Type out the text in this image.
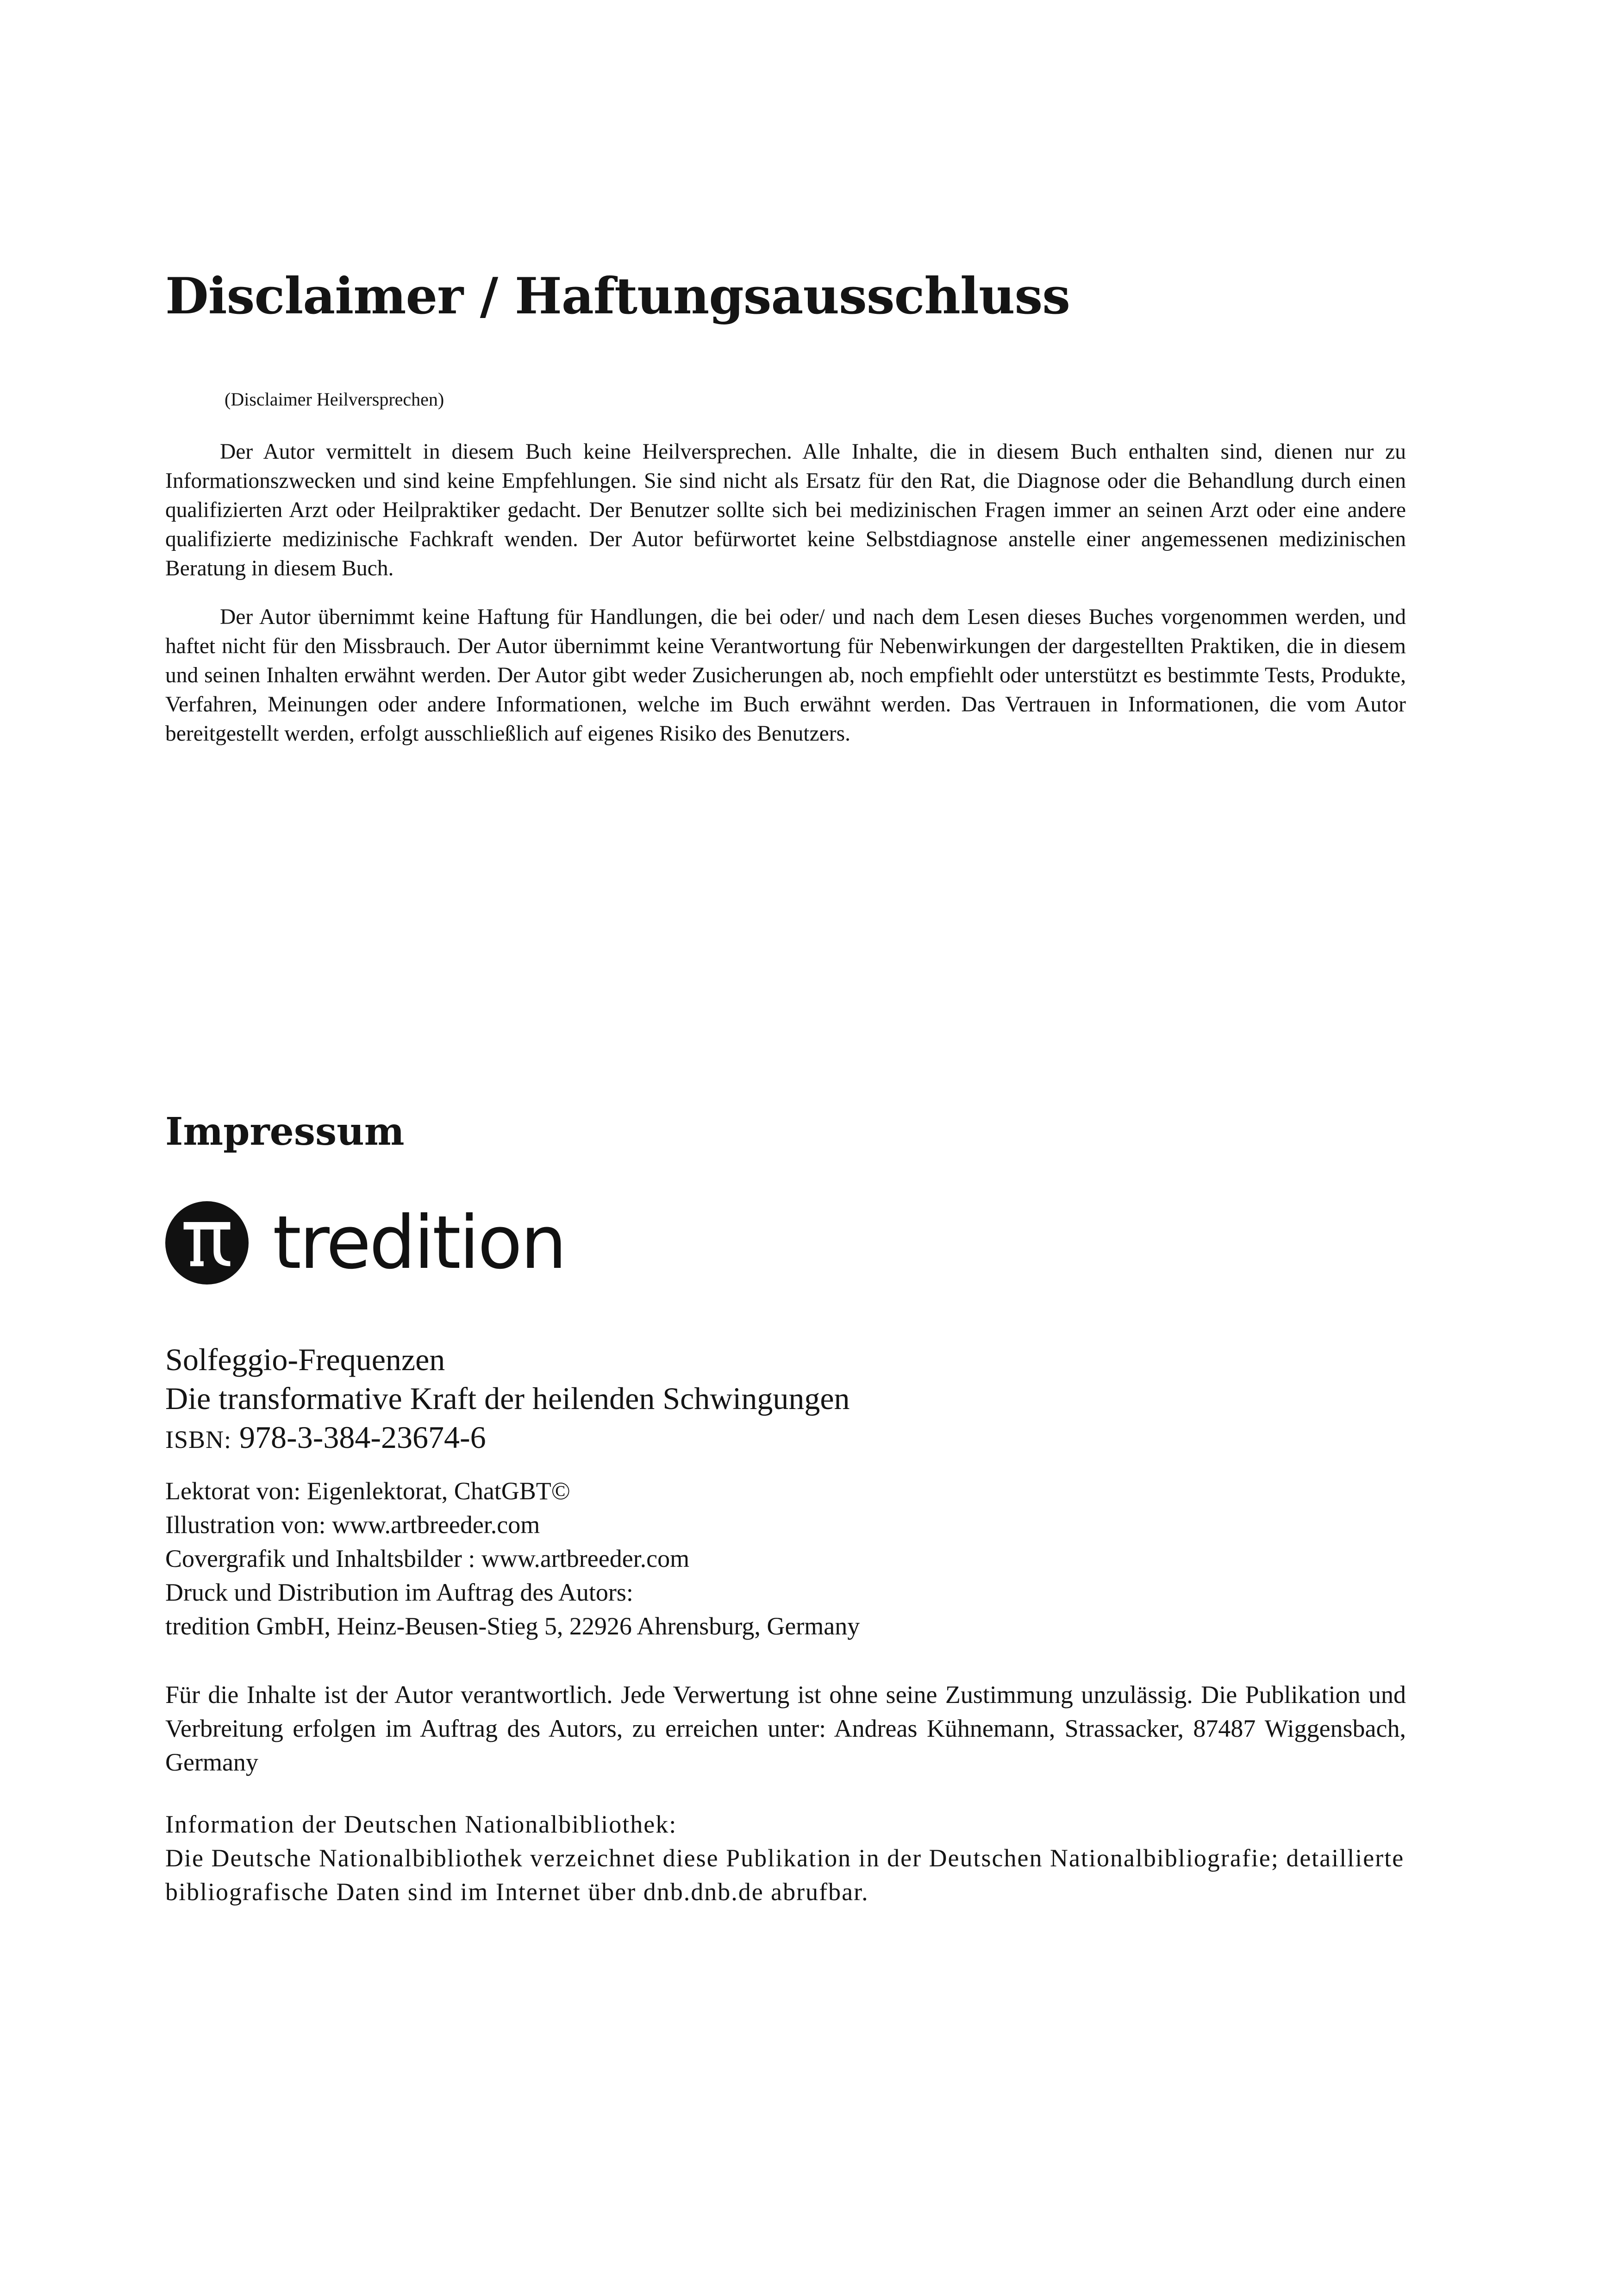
Disclaimer / Haftungsausschluss

(Disclaimer Heilversprechen)

Der Autor vermittelt in diesem Buch keine Heilversprechen. Alle Inhalte, die in diesem Buch enthalten sind, dienen nur zu Informationszwecken und sind keine Empfehlungen. Sie sind nicht als Ersatz für den Rat, die Diagnose oder die Behandlung durch einen qualifizierten Arzt oder Heilpraktiker gedacht. Der Benutzer sollte sich bei medizinischen Fragen immer an seinen Arzt oder eine andere qualifizierte medizinische Fachkraft wenden. Der Autor befürwortet keine Selbstdiagnose anstelle einer angemessenen medizinischen Beratung in diesem Buch.

Der Autor übernimmt keine Haftung für Handlungen, die bei oder/ und nach dem Lesen dieses Buches vorgenommen werden, und haftet nicht für den Missbrauch. Der Autor übernimmt keine Verantwortung für Nebenwirkungen der dargestellten Praktiken, die in diesem und seinen Inhalten erwähnt werden. Der Autor gibt weder Zusicherungen ab, noch empfiehlt oder unterstützt es bestimmte Tests, Produkte, Verfahren, Meinungen oder andere Informationen, welche im Buch erwähnt werden. Das Vertrauen in Informationen, die vom Autor bereitgestellt werden, erfolgt ausschließlich auf eigenes Risiko des Benutzers.

Impressum
tredition
Solfeggio-Frequenzen
Die transformative Kraft der heilenden Schwingungen
ISBN: 978-3-384-23674-6
Lektorat von: Eigenlektorat, ChatGBT©
Illustration von: www.artbreeder.com
Covergrafik und Inhaltsbilder : www.artbreeder.com
Druck und Distribution im Auftrag des Autors:
tredition GmbH, Heinz-Beusen-Stieg 5, 22926 Ahrensburg, Germany

Für die Inhalte ist der Autor verantwortlich. Jede Verwertung ist ohne seine Zustimmung unzulässig. Die Publikation und Verbreitung erfolgen im Auftrag des Autors, zu erreichen unter: Andreas Kühnemann, Strassacker, 87487 Wiggensbach, Germany

Information der Deutschen Nationalbibliothek:

Die Deutsche Nationalbibliothek verzeichnet diese Publikation in der Deutschen Nationalbibliografie; detaillierte bibliografische Daten sind im Internet über dnb.dnb.de abrufbar.
